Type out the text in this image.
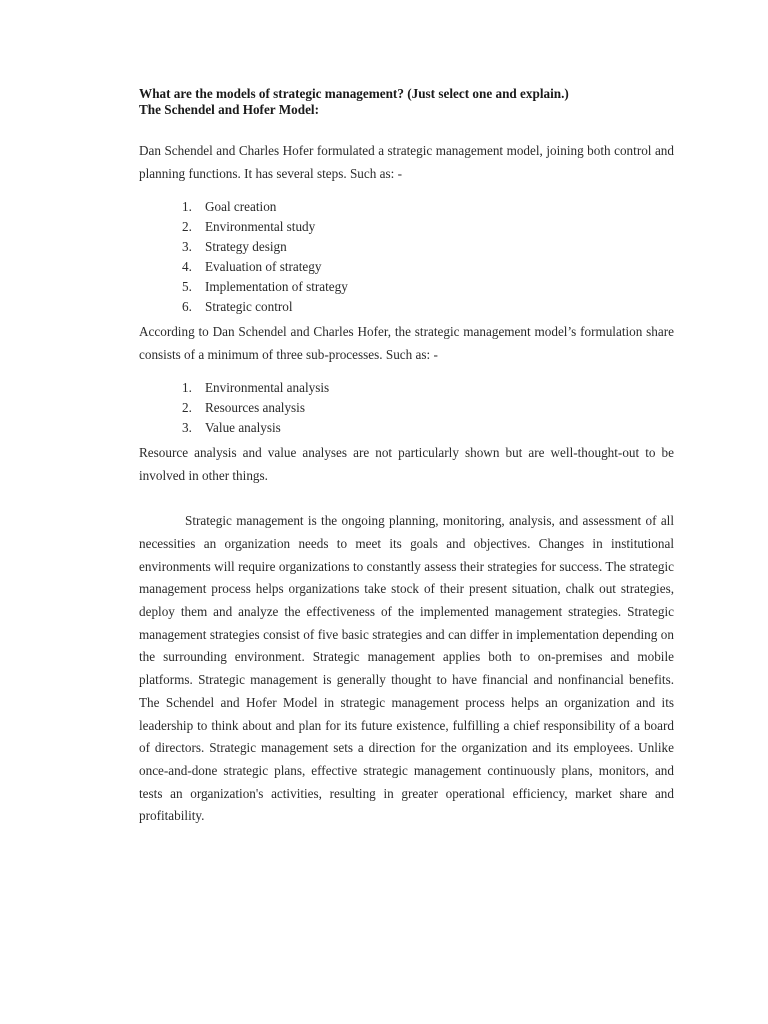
What are the models of strategic management? (Just select one and explain.)
The Schendel and Hofer Model:

Dan Schendel and Charles Hofer formulated a strategic management model, joining both control and planning functions. It has several steps. Such as: -

1. Goal creation
2. Environmental study
3. Strategy design
4. Evaluation of strategy
5. Implementation of strategy
6. Strategic control

According to Dan Schendel and Charles Hofer, the strategic management model’s formulation share consists of a minimum of three sub-processes. Such as: -

1. Environmental analysis
2. Resources analysis
3. Value analysis

Resource analysis and value analyses are not particularly shown but are well-thought-out to be involved in other things.

Strategic management is the ongoing planning, monitoring, analysis, and assessment of all necessities an organization needs to meet its goals and objectives. Changes in institutional environments will require organizations to constantly assess their strategies for success. The strategic management process helps organizations take stock of their present situation, chalk out strategies, deploy them and analyze the effectiveness of the implemented management strategies. Strategic management strategies consist of five basic strategies and can differ in implementation depending on the surrounding environment. Strategic management applies both to on-premises and mobile platforms. Strategic management is generally thought to have financial and nonfinancial benefits. The Schendel and Hofer Model in strategic management process helps an organization and its leadership to think about and plan for its future existence, fulfilling a chief responsibility of a board of directors. Strategic management sets a direction for the organization and its employees. Unlike once-and-done strategic plans, effective strategic management continuously plans, monitors, and tests an organization's activities, resulting in greater operational efficiency, market share and profitability.
